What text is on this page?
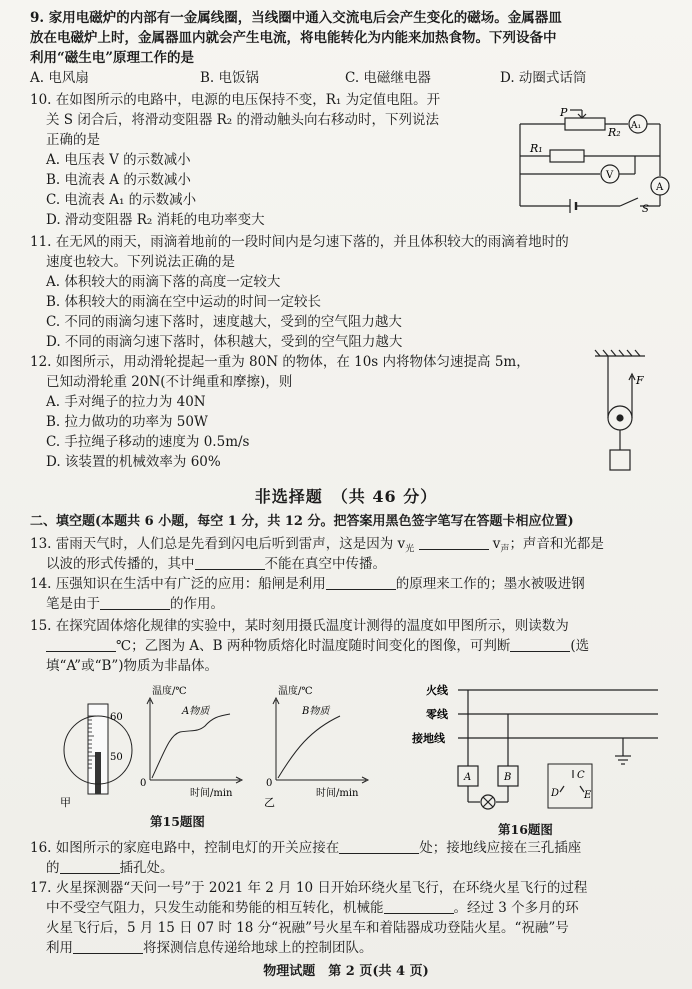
9. 家用电磁炉的内部有一金属线圈，当线圈中通入交流电后会产生变化的磁场。金属器皿
放在电磁炉上时，金属器皿内就会产生电流，将电能转化为内能来加热食物。下列设备中
利用“磁生电”原理工作的是
A. 电风扇	B. 电饭锅	C. 电磁继电器	D. 动圈式话筒
10. 在如图所示的电路中，电源的电压保持不变，R₁ 为定值电阻。开
关 S 闭合后，将滑动变阻器 R₂ 的滑动触头向右移动时，下列说法
正确的是
A. 电压表 V 的示数减小
B. 电流表 A 的示数减小
C. 电流表 A₁ 的示数减小
D. 滑动变阻器 R₂ 消耗的电功率变大
P
R₂ A₁
R₁
V
A
S
11. 在无风的雨天，雨滴着地前的一段时间内是匀速下落的，并且体积较大的雨滴着地时的
速度也较大。下列说法正确的是
A. 体积较大的雨滴下落的高度一定较大
B. 体积较大的雨滴在空中运动的时间一定较长
C. 不同的雨滴匀速下落时，速度越大，受到的空气阻力越大
D. 不同的雨滴匀速下落时，体积越大，受到的空气阻力越大
12. 如图所示，用动滑轮提起一重为 80N 的物体，在 10s 内将物体匀速提高 5m，
已知动滑轮重 20N(不计绳重和摩擦)，则
A. 手对绳子的拉力为 40N
B. 拉力做功的功率为 50W
C. 手拉绳子移动的速度为 0.5m/s
D. 该装置的机械效率为 60%
F
非选择题　（共 46 分）
二、填空题(本题共 6 小题，每空 1 分，共 12 分。把答案用黑色签字笔写在答题卡相应位置)
13. 雷雨天气时，人们总是先看到闪电后听到雷声，这是因为 $v_光$	$v_声$；声音和光都是
以波的形式传播的，其中	不能在真空中传播。
14. 压强知识在生活中有广泛的应用：船闸是利用	的原理来工作的；墨水被吸进钢
笔是由于	的作用。
15. 在探究固体熔化规律的实验中，某时刻用摄氏温度计测得的温度如甲图所示，则读数为
℃；乙图为 A、B 两种物质熔化时温度随时间变化的图像，可判断	(选
填“A”或“B”)物质为非晶体。
60
50
甲
温度/℃
A物质
0
时间/min
温度/℃
B物质
0
时间/min
乙
第15题图
火线
零线
接地线
A	B	C
D E
第16题图
16. 如图所示的家庭电路中，控制电灯的开关应接在	处；接地线应接在三孔插座
的	插孔处。
17. 火星探测器“天问一号”于 2021 年 2 月 10 日开始环绕火星飞行，在环绕火星飞行的过程
中不受空气阻力，只发生动能和势能的相互转化，机械能	。经过 3 个多月的环
火星飞行后，5 月 15 日 07 时 18 分“祝融”号火星车和着陆器成功登陆火星。“祝融”号
利用	将探测信息传递给地球上的控制团队。
物理试题　第 2 页(共 4 页)
